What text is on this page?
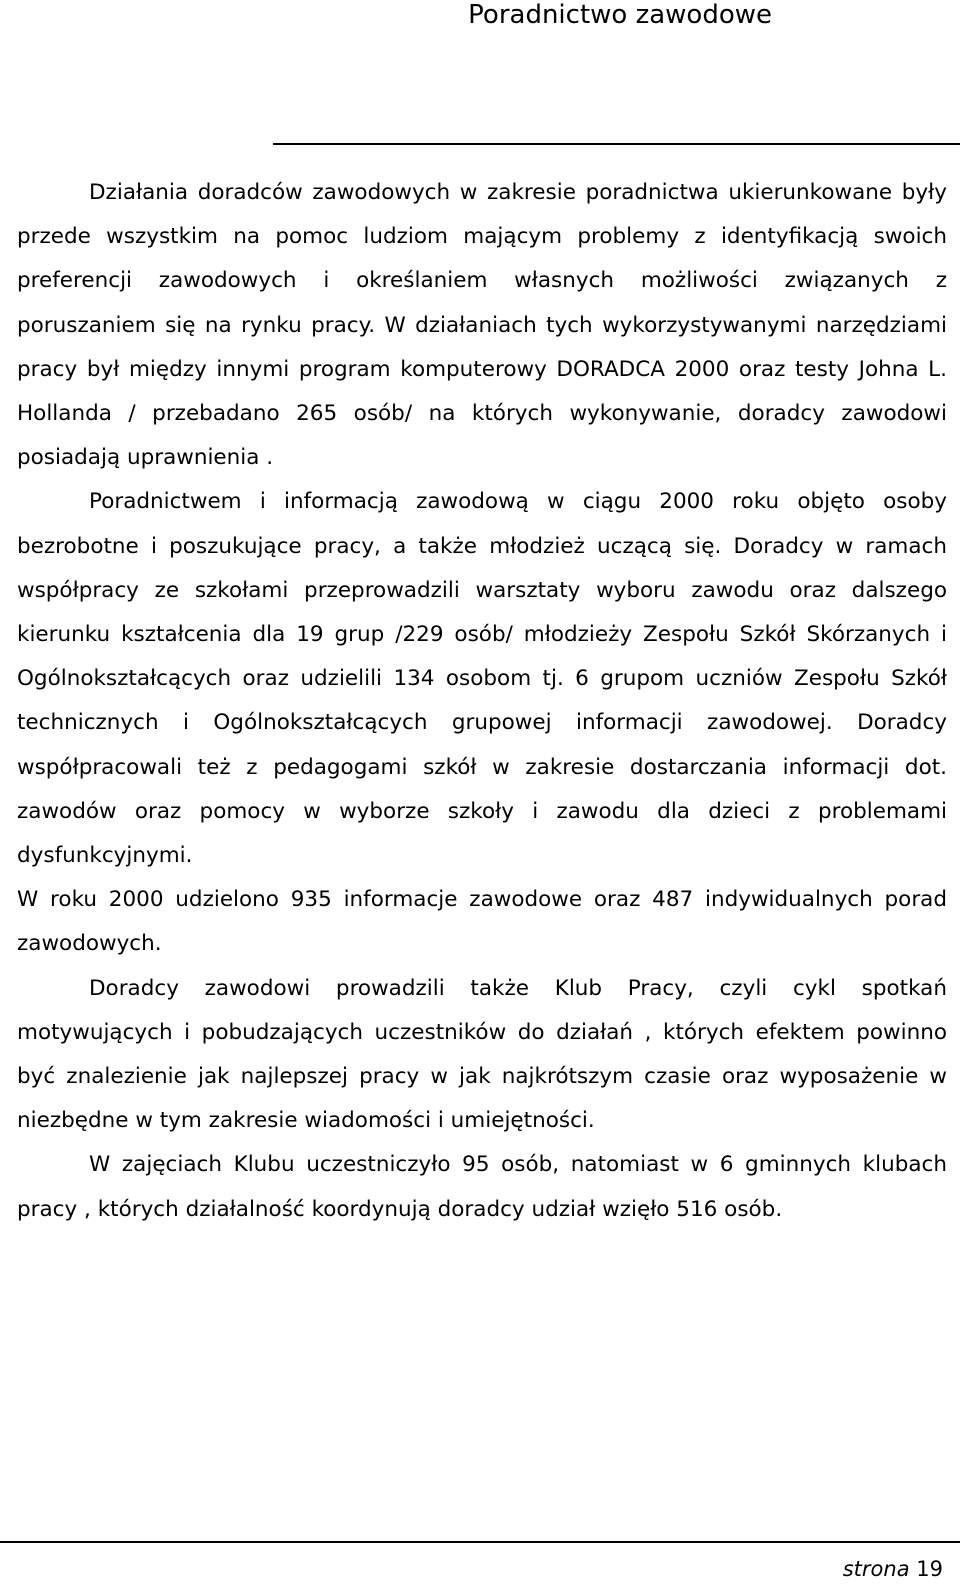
Poradnictwo zawodowe

Działania doradców zawodowych w zakresie poradnictwa ukierunkowane były przede wszystkim na pomoc ludziom mającym problemy z identyfikacją swoich preferencji zawodowych i określaniem własnych możliwości związanych z poruszaniem się na rynku pracy. W działaniach tych wykorzystywanymi narzędziami pracy był między innymi program komputerowy DORADCA 2000 oraz testy Johna L. Hollanda / przebadano 265 osób/ na których wykonywanie, doradcy zawodowi posiadają uprawnienia .

Poradnictwem i informacją zawodową w ciągu 2000 roku objęto osoby bezrobotne i poszukujące pracy, a także młodzież uczącą się. Doradcy w ramach współpracy ze szkołami przeprowadzili warsztaty wyboru zawodu oraz dalszego kierunku kształcenia dla 19 grup /229 osób/ młodzieży Zespołu Szkół Skórzanych i Ogólnokształcących oraz udzielili 134 osobom tj. 6 grupom uczniów Zespołu Szkół technicznych i Ogólnokształcących grupowej informacji zawodowej. Doradcy współpracowali też z pedagogami szkół w zakresie dostarczania informacji dot. zawodów oraz pomocy w wyborze szkoły i zawodu dla dzieci z problemami dysfunkcyjnymi.

W roku 2000 udzielono 935 informacje zawodowe oraz 487 indywidualnych porad zawodowych.

Doradcy zawodowi prowadzili także Klub Pracy, czyli cykl spotkań motywujących i pobudzających uczestników do działań , których efektem powinno być znalezienie jak najlepszej pracy w jak najkrótszym czasie oraz wyposażenie w niezbędne w tym zakresie wiadomości i umiejętności.

W zajęciach Klubu uczestniczyło 95 osób, natomiast w 6 gminnych klubach pracy , których działalność koordynują doradcy udział wzięło 516 osób.

strona 19
